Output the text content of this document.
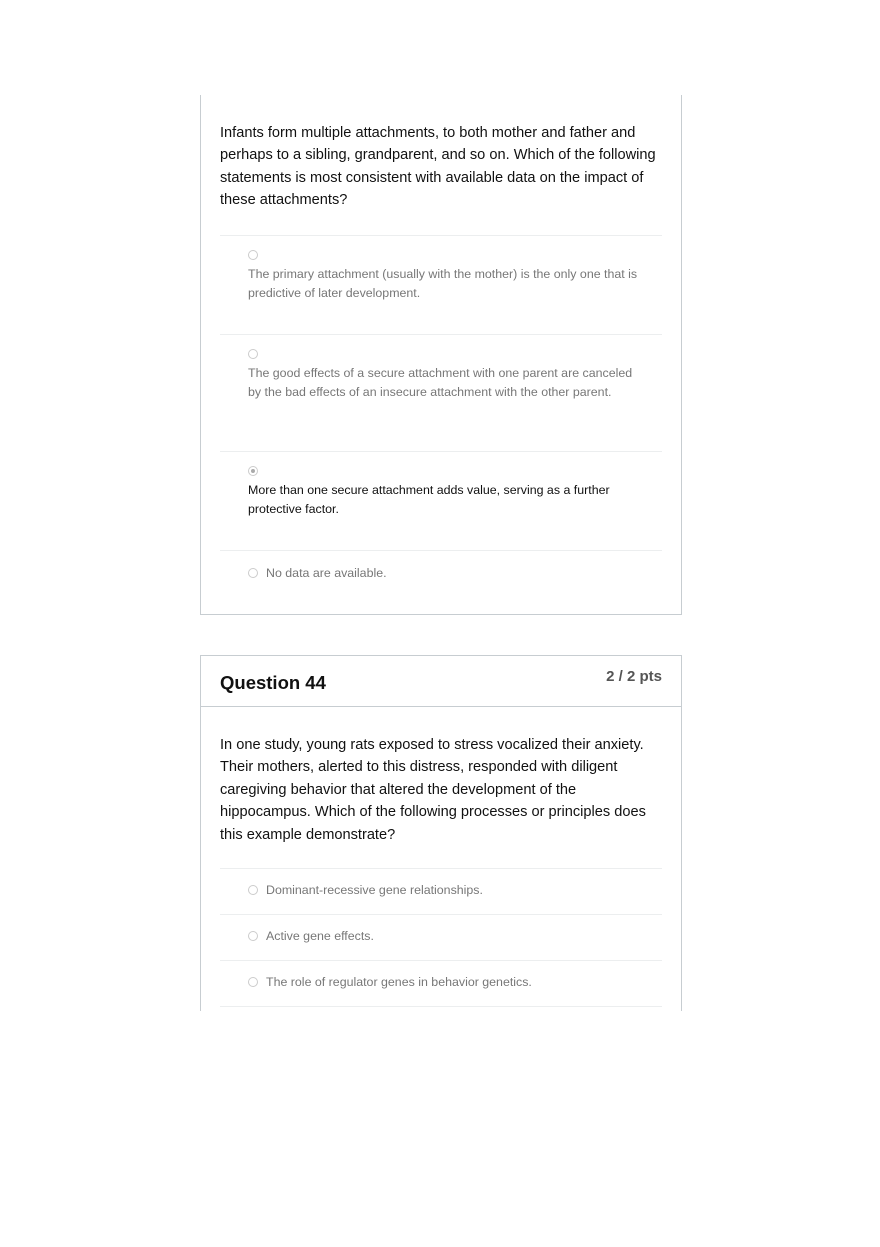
Infants form multiple attachments, to both mother and father and perhaps to a sibling, grandparent, and so on. Which of the following statements is most consistent with available data on the impact of these attachments?
The primary attachment (usually with the mother) is the only one that is predictive of later development.
The good effects of a secure attachment with one parent are canceled by the bad effects of an insecure attachment with the other parent.
More than one secure attachment adds value, serving as a further protective factor.
No data are available.
Question 44	2 / 2 pts
In one study, young rats exposed to stress vocalized their anxiety. Their mothers, alerted to this distress, responded with diligent caregiving behavior that altered the development of the hippocampus. Which of the following processes or principles does this example demonstrate?
Dominant-recessive gene relationships.
Active gene effects.
The role of regulator genes in behavior genetics.
